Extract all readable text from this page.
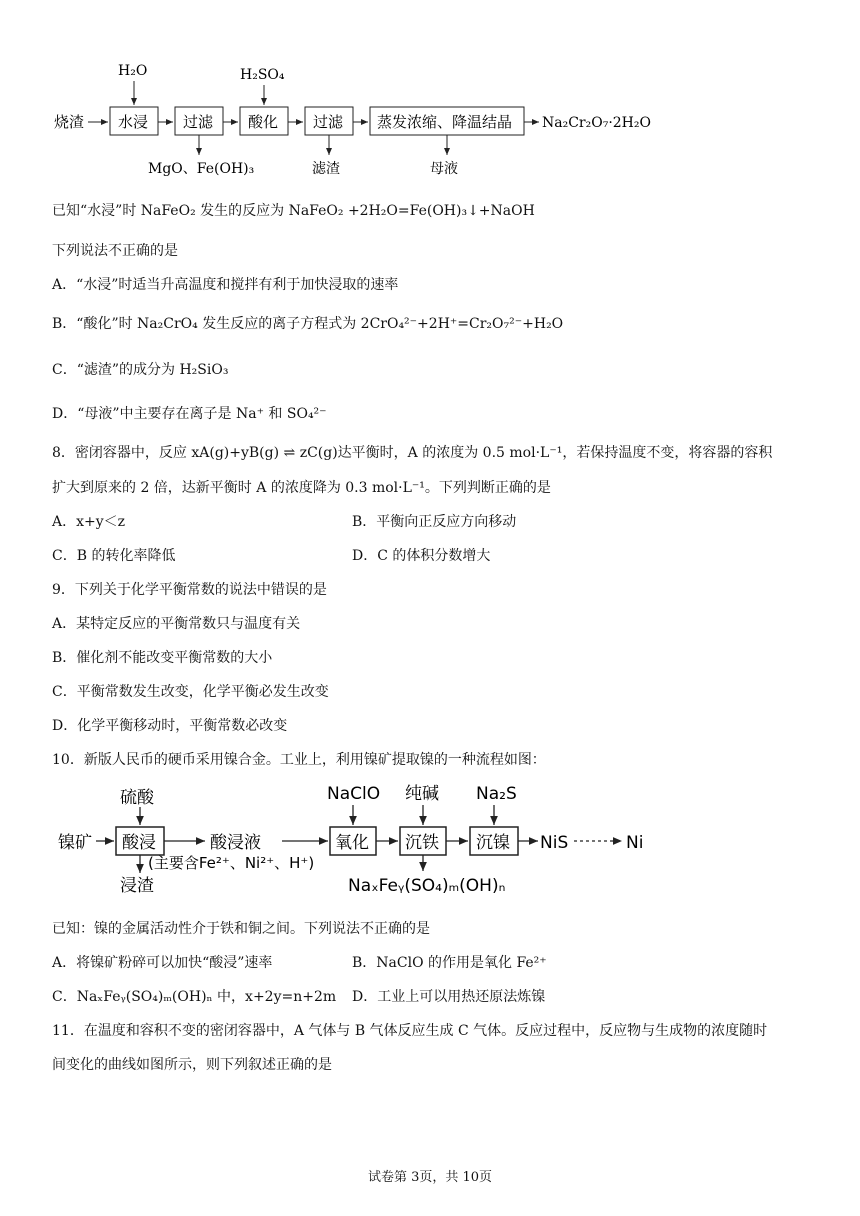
烧渣 水浸 过滤 酸化 过滤 蒸发浓缩、降温结晶 Na₂Cr₂O₇·2H₂O
H₂O	H₂SO₄
MgO、Fe(OH)₃	滤渣	母液
已知“水浸”时 NaFeO₂ 发生的反应为 NaFeO₂ +2H₂O=Fe(OH)₃↓+NaOH
下列说法不正确的是
A．“水浸”时适当升高温度和搅拌有利于加快浸取的速率
B．“酸化”时 Na₂CrO₄ 发生反应的离子方程式为 2CrO₄²⁻+2H⁺=Cr₂O₇²⁻+H₂O
C．“滤渣”的成分为 H₂SiO₃
D．“母液”中主要存在离子是 Na⁺ 和 SO₄²⁻
8．密闭容器中，反应 xA(g)+yB(g) ⇌ zC(g)达平衡时，A 的浓度为 0.5 mol·L⁻¹，若保持温度不变，将容器的容积
扩大到原来的 2 倍，达新平衡时 A 的浓度降为 0.3 mol·L⁻¹。下列判断正确的是
A．x+y＜z	B．平衡向正反应方向移动
C．B 的转化率降低	D．C 的体积分数增大
9．下列关于化学平衡常数的说法中错误的是
A．某特定反应的平衡常数只与温度有关
B．催化剂不能改变平衡常数的大小
C．平衡常数发生改变，化学平衡必发生改变
D．化学平衡移动时，平衡常数必改变
10．新版人民币的硬币采用镍合金。工业上，利用镍矿提取镍的一种流程如图：
镍矿 酸浸	酸浸液	氧化 沉铁 沉镍 NiS	Ni
硫酸	NaClO 纯碱 Na₂S
(主要含Fe²⁺、Ni²⁺、H⁺)
浸渣	NaₓFeᵧ(SO₄)ₘ(OH)ₙ
已知：镍的金属活动性介于铁和铜之间。下列说法不正确的是
A．将镍矿粉碎可以加快“酸浸”速率	B．NaClO 的作用是氧化 Fe²⁺
C．NaₓFeᵧ(SO₄)ₘ(OH)ₙ 中，x+2y=n+2m D．工业上可以用热还原法炼镍
11．在温度和容积不变的密闭容器中，A 气体与 B 气体反应生成 C 气体。反应过程中，反应物与生成物的浓度随时
间变化的曲线如图所示，则下列叙述正确的是
试卷第 3页，共 10页
